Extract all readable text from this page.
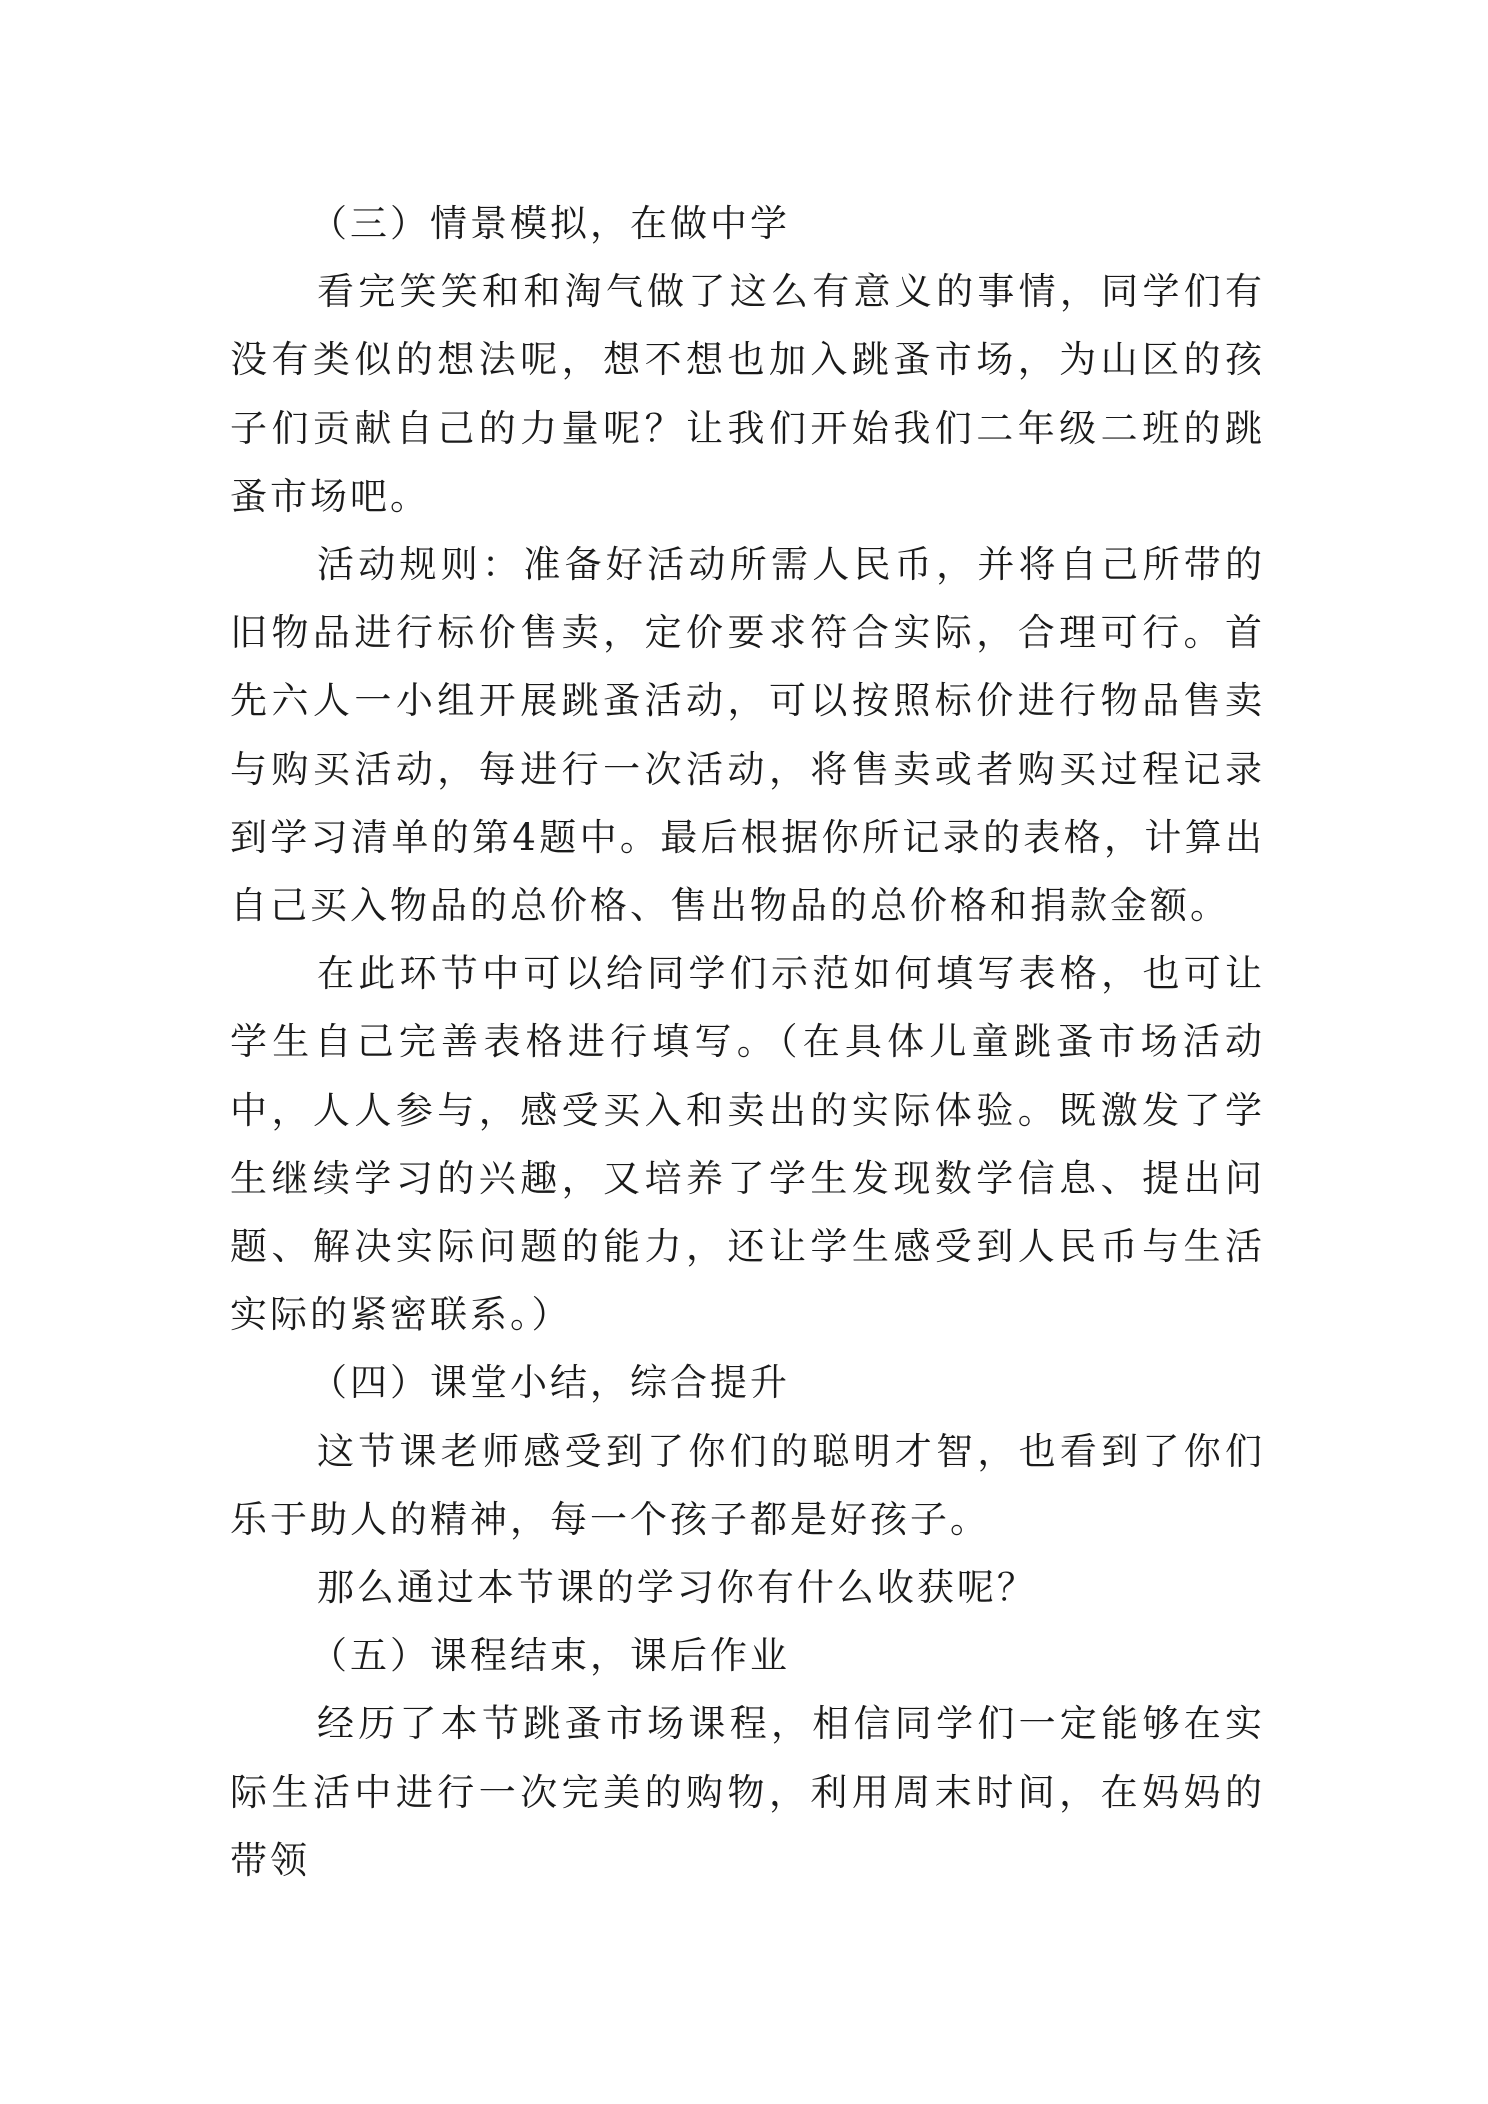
（三）情景模拟，在做中学

看完笑笑和和淘气做了这么有意义的事情，同学们有没有类似的想法呢，想不想也加入跳蚤市场，为山区的孩子们贡献自己的力量呢？让我们开始我们二年级二班的跳蚤市场吧。

活动规则：准备好活动所需人民币，并将自己所带的旧物品进行标价售卖，定价要求符合实际，合理可行。首先六人一小组开展跳蚤活动，可以按照标价进行物品售卖与购买活动，每进行一次活动，将售卖或者购买过程记录到学习清单的第4题中。最后根据你所记录的表格，计算出自己买入物品的总价格、售出物品的总价格和捐款金额。

在此环节中可以给同学们示范如何填写表格，也可让学生自己完善表格进行填写。（在具体儿童跳蚤市场活动中，人人参与，感受买入和卖出的实际体验。既激发了学生继续学习的兴趣，又培养了学生发现数学信息、提出问题、解决实际问题的能力，还让学生感受到人民币与生活实际的紧密联系。）

（四）课堂小结，综合提升

这节课老师感受到了你们的聪明才智，也看到了你们乐于助人的精神，每一个孩子都是好孩子。

那么通过本节课的学习你有什么收获呢？

（五）课程结束，课后作业

经历了本节跳蚤市场课程，相信同学们一定能够在实际生活中进行一次完美的购物，利用周末时间，在妈妈的带领
